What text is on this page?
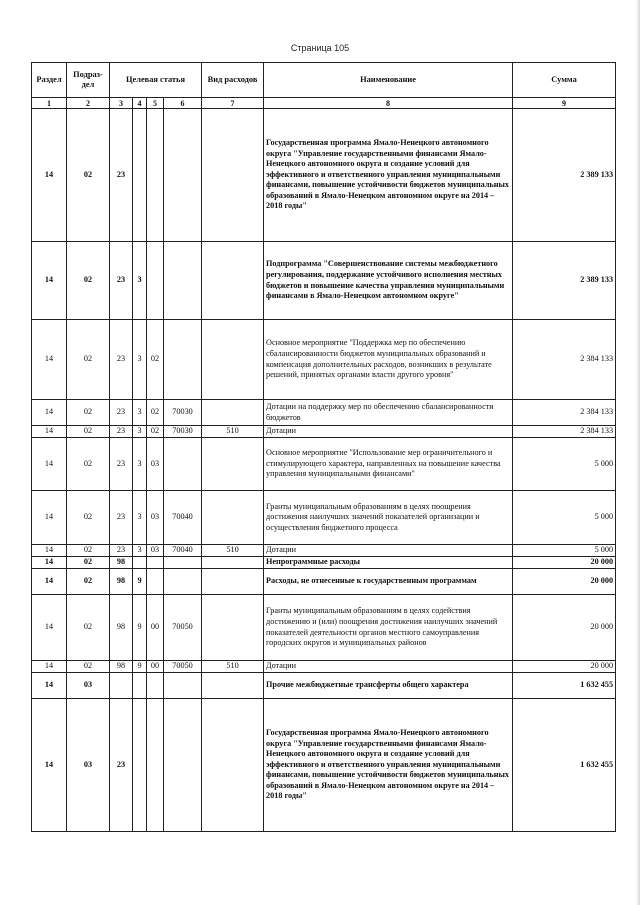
Страница 105
Раздел	Подраз-дел	Целевая статья				Вид расходов	Наименование	Сумма
1	2	3	4	5	6	7	8	9
14	02	23					Государственная программа Ямало-Ненецкого автономного округа "Управление государственными финансами Ямало-Ненецкого автономного округа и создание условий для эффективного и ответственного управления муниципальными финансами, повышение устойчивости бюджетов муниципальных образований в Ямало-Ненецком автономном округе на 2014 – 2018 годы"	2 389 133
14	02	23	3				Подпрограмма "Совершенствование системы межбюджетного регулирования, поддержание устойчивого исполнения местных бюджетов и повышение качества управления муниципальными финансами в Ямало-Ненецком автономном округе"	2 389 133
14	02	23	3	02			Основное мероприятие "Поддержка мер по обеспечению сбалансированности бюджетов муниципальных образований и компенсация дополнительных расходов, возникших в результате решений, принятых органами власти другого уровня"	2 384 133
14	02	23	3	02	70030		Дотации на поддержку мер по обеспечению сбалансированности бюджетов	2 384 133
14	02	23	3	02	70030	510	Дотации	2 384 133
14	02	23	3	03			Основное мероприятие "Использование мер ограничительного и стимулирующего характера, направленных на повышение качества управления муниципальными финансами"	5 000
14	02	23	3	03	70040		Гранты муниципальным образованиям в целях поощрения достижения наилучших значений показателей организации и осуществления бюджетного процесса	5 000
14	02	23	3	03	70040	510	Дотации	5 000
14	02	98					Непрограммные расходы	20 000
14	02	98	9				Расходы, не отнесенные к государственным программам	20 000
14	02	98	9	00	70050		Гранты муниципальным образованиям в целях содействия достижению и (или) поощрения достижения наилучших значений показателей деятельности органов местного самоуправления городских округов и муниципальных районов	20 000
14	02	98	9	00	70050	510	Дотации	20 000
14	03						Прочие межбюджетные трансферты общего характера	1 632 455
14	03	23					Государственная программа Ямало-Ненецкого автономного округа "Управление государственными финансами Ямало-Ненецкого автономного округа и создание условий для эффективного и ответственного управления муниципальными финансами, повышение устойчивости бюджетов муниципальных образований в Ямало-Ненецком автономном округе на 2014 – 2018 годы"	1 632 455
